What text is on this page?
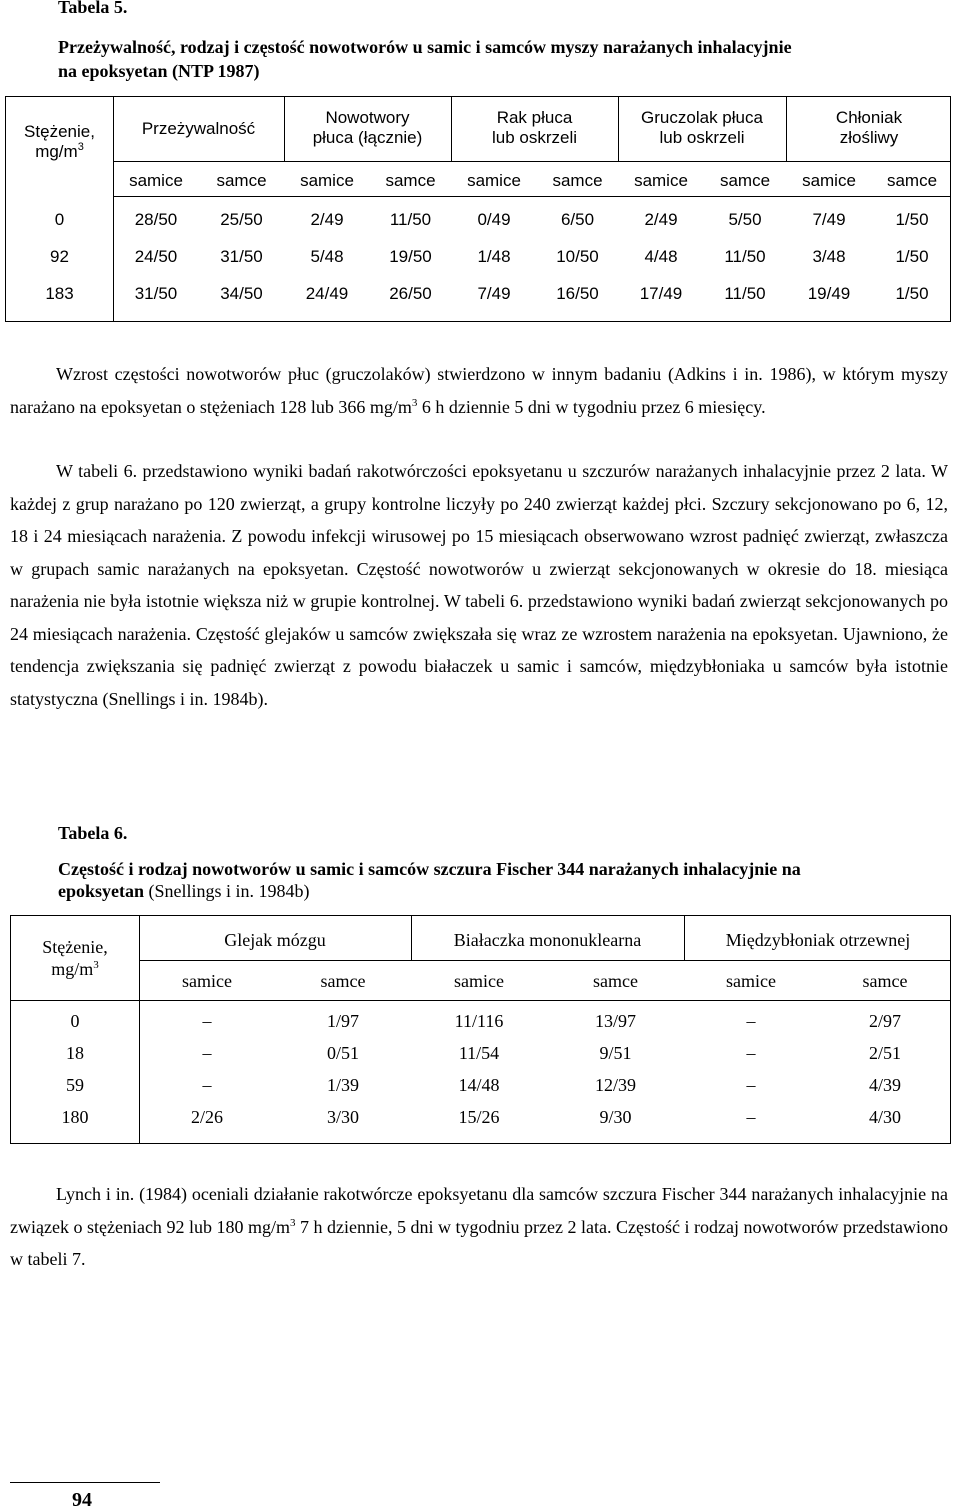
Tabela 5.
Przeżywalność, rodzaj i częstość nowotworów u samic i samców myszy narażanych inhalacyjnie
na epoksyetan (NTP 1987)
Stężenie,
$mg/m^3$
Przeżywalność
Nowotwory
płuca (łącznie)
Rak płuca
lub oskrzeli
Gruczolak płuca
lub oskrzeli
Chłoniak
złośliwy
samice	samce	samice	samce	samice	samce	samice	samce	samice	samce
0	28/50	25/50	2/49	11/50	0/49	6/50	2/49	5/50	7/49	1/50
92	24/50	31/50	5/48	19/50	1/48	10/50	4/48	11/50	3/48	1/50
183	31/50	34/50	24/49	26/50	7/49	16/50	17/49	11/50	19/49	1/50

Wzrost częstości nowotworów płuc (gruczolaków) stwierdzono w innym badaniu (Adkins i in. 1986), w którym myszy narażano na epoksyetan o stężeniach 128 lub 366 $mg/m^3$ 6 h dziennie 5 dni w tygodniu przez 6 miesięcy.

W tabeli 6. przedstawiono wyniki badań rakotwórczości epoksyetanu u szczurów narażanych inhalacyjnie przez 2 lata. W każdej z grup narażano po 120 zwierząt, a grupy kontrolne liczyły po 240 zwierząt każdej płci. Szczury sekcjonowano po 6, 12, 18 i 24 miesiącach narażenia. Z powodu infekcji wirusowej po 15 miesiącach obserwowano wzrost padnięć zwierząt, zwłaszcza w grupach samic narażanych na epoksyetan. Częstość nowotworów u zwierząt sekcjonowanych w okresie do 18. miesiąca narażenia nie była istotnie większa niż w grupie kontrolnej. W tabeli 6. przedstawiono wyniki badań zwierząt sekcjonowanych po 24 miesiącach narażenia. Częstość glejaków u samców zwiększała się wraz ze wzrostem narażenia na epoksyetan. Ujawniono, że tendencja zwiększania się padnięć zwierząt z powodu białaczek u samic i samców, międzybłoniaka u samców była istotnie statystyczna (Snellings i in. 1984b).

Tabela 6.
Częstość i rodzaj nowotworów u samic i samców szczura Fischer 344 narażanych inhalacyjnie na
epoksyetan (Snellings i in. 1984b)
Stężenie,
$mg/m^3$
Glejak mózgu	Białaczka mononuklearna	Międzybłoniak otrzewnej
samice	samce	samice	samce	samice	samce
0	–	1/97	11/116	13/97	–	2/97
18	–	0/51	11/54	9/51	–	2/51
59	–	1/39	14/48	12/39	–	4/39
180	2/26	3/30	15/26	9/30	–	4/30

Lynch i in. (1984) oceniali działanie rakotwórcze epoksyetanu dla samców szczura Fischer 344 narażanych inhalacyjnie na związek o stężeniach 92 lub 180 $mg/m^3$ 7 h dziennie, 5 dni w tygodniu przez 2 lata. Częstość i rodzaj nowotworów przedstawiono w tabeli 7.

94
